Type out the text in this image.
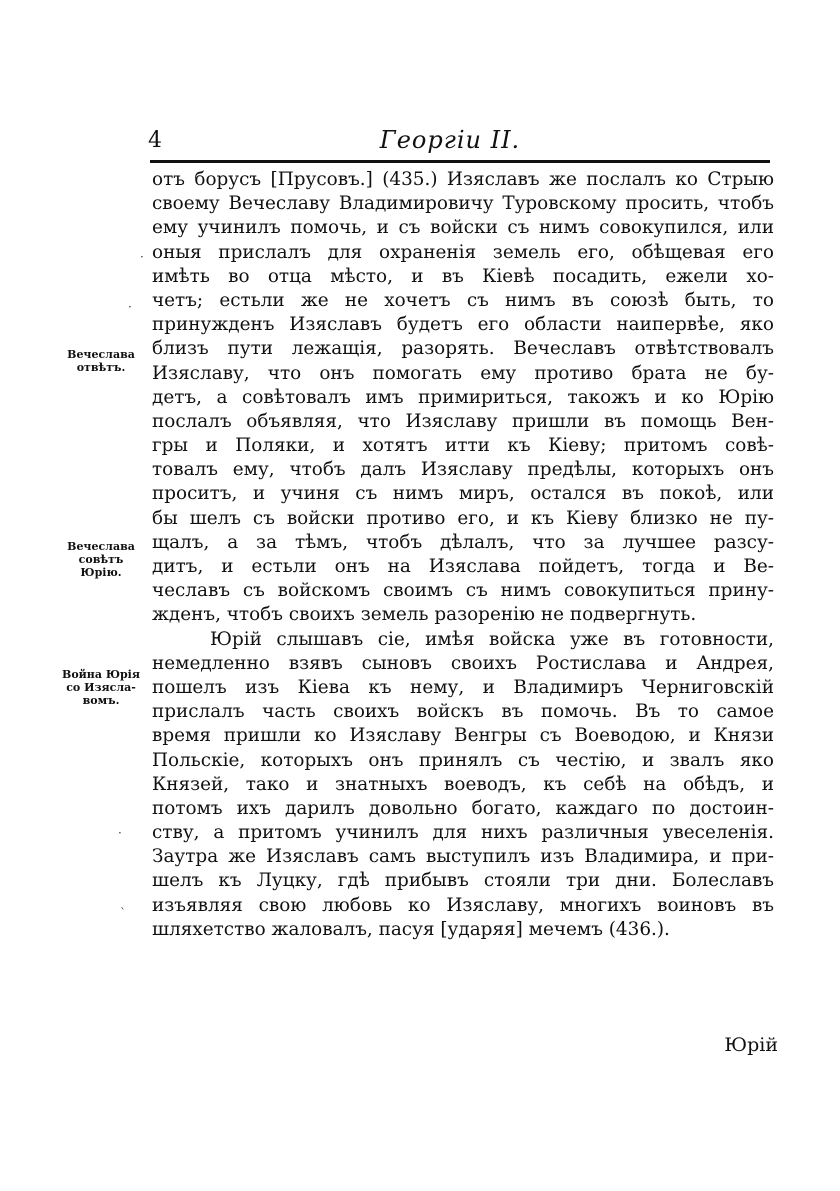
4	Георгiи II.
отъ борусъ [Прусовъ.] (435.) Изяславъ же послалъ ко Стрыю
своему Вечеславу Владимировичу Туровскому просить, чтобъ
ему учинилъ помочь, и съ войски съ нимъ совокупился, или
оныя прислалъ для охраненiя земель его, обѣщевая его
имѣть во отца мѣсто, и въ Кiевѣ посадить, ежели хо-
четъ; естьли же не хочетъ съ нимъ въ союзѣ быть, то
принужденъ Изяславъ будетъ его области наипервѣе, яко
близъ пути лежащiя, разорять. Вечеславъ отвѣтствовалъ
Изяславу, что онъ помогать ему противо брата не бу-
детъ, а совѣтовалъ имъ примириться, такожъ и ко Юрiю
послалъ объявляя, что Изяславу пришли въ помощь Вен-
гры и Поляки, и хотятъ итти къ Кiеву; притомъ совѣ-
товалъ ему, чтобъ далъ Изяславу предѣлы, которыхъ онъ
проситъ, и учиня съ нимъ миръ, остался въ покоѣ, или
бы шелъ съ войски противо его, и къ Кiеву близко не пу-
щалъ, а за тѣмъ, чтобъ дѣлалъ, что за лучшее разсу-
дитъ, и естьли онъ на Изяслава пойдетъ, тогда и Ве-
чеславъ съ войскомъ своимъ съ нимъ совокупиться прину-
жденъ, чтобъ своихъ земель разоренiю не подвергнуть.
Юрiй слышавъ сiе, имѣя войска уже въ готовности,
немедленно взявъ сыновъ своихъ Ростислава и Андрея,
пошелъ изъ Кiева къ нему, и Владимиръ Черниговскiй
прислалъ часть своихъ войскъ въ помочь. Въ то самое
время пришли ко Изяславу Венгры съ Воеводою, и Князи
Польскiе, которыхъ онъ принялъ съ честiю, и звалъ яко
Князей, тако и знатныхъ воеводъ, къ себѣ на обѣдъ, и
потомъ ихъ дарилъ довольно богато, каждаго по достоин-
ству, а притомъ учинилъ для нихъ различныя увеселенiя.
Заутра же Изяславъ самъ выступилъ изъ Владимира, и при-
шелъ къ Луцку, гдѣ прибывъ стояли три дни. Болеславъ
изъявляя свою любовь ко Изяславу, многихъ воиновъ въ
шляхетство жаловалъ, пасуя [ударяя] мечемъ (436.).
Вечеслава
отвѣтъ.
Вечеслава
совѣтъ
Юрiю.
Война Юрiя
со Изясла-
вомъ.
·
·
·
`
Юрiй
